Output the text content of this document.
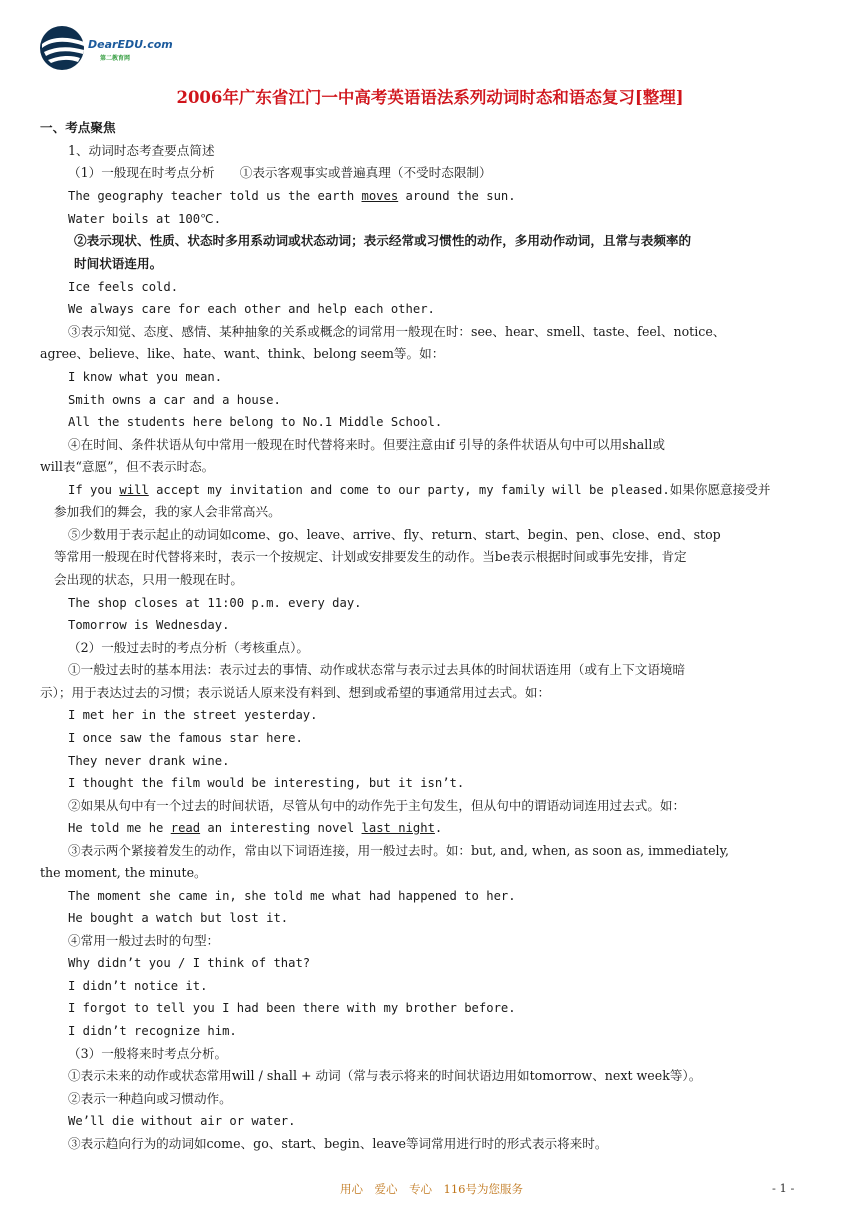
DearEDU.com
第二教育网
2006年广东省江门一中高考英语语法系列动词时态和语态复习[整理]
一、考点聚焦
1、动词时态考查要点简述
（1）一般现在时考点分析　　①表示客观事实或普遍真理（不受时态限制）
The geography teacher told us the earth moves around the sun.
Water boils at 100℃.
②表示现状、性质、状态时多用系动词或状态动词；表示经常或习惯性的动作，多用动作动词，且常与表频率的
时间状语连用。
Ice feels cold.
We always care for each other and help each other.
③表示知觉、态度、感情、某种抽象的关系或概念的词常用一般现在时：see、hear、smell、taste、feel、notice、
agree、believe、like、hate、want、think、belong seem等。如：
I know what you mean.
Smith owns a car and a house.
All the students here belong to No.1 Middle School.
④在时间、条件状语从句中常用一般现在时代替将来时。但要注意由if 引导的条件状语从句中可以用shall或
will表“意愿”，但不表示时态。
If you will accept my invitation and come to our party, my family will be pleased.如果你愿意接受并
参加我们的舞会，我的家人会非常高兴。
⑤少数用于表示起止的动词如come、go、leave、arrive、fly、return、start、begin、pen、close、end、stop
等常用一般现在时代替将来时，表示一个按规定、计划或安排要发生的动作。当be表示根据时间或事先安排，肯定
会出现的状态，只用一般现在时。
The shop closes at 11:00 p.m. every day.
Tomorrow is Wednesday.
（2）一般过去时的考点分析（考核重点）。
①一般过去时的基本用法：表示过去的事情、动作或状态常与表示过去具体的时间状语连用（或有上下文语境暗
示）；用于表达过去的习惯；表示说话人原来没有料到、想到或希望的事通常用过去式。如：
I met her in the street yesterday.
I once saw the famous star here.
They never drank wine.
I thought the film would be interesting, but it isn’t.
②如果从句中有一个过去的时间状语，尽管从句中的动作先于主句发生，但从句中的谓语动词连用过去式。如：
He told me he read an interesting novel last night.
③表示两个紧接着发生的动作，常由以下词语连接，用一般过去时。如：but, and, when, as soon as, immediately,
the moment, the minute。
The moment she came in, she told me what had happened to her.
He bought a watch but lost it.
④常用一般过去时的句型：
Why didn’t you / I think of that?
I didn’t notice it.
I forgot to tell you I had been there with my brother before.
I didn’t recognize him.
（3）一般将来时考点分析。
①表示未来的动作或状态常用will / shall + 动词（常与表示将来的时间状语边用如tomorrow、next week等）。
②表示一种趋向或习惯动作。
We’ll die without air or water.
③表示趋向行为的动词如come、go、start、begin、leave等词常用进行时的形式表示将来时。
用心　爱心　专心　116号为您服务	- 1 -
